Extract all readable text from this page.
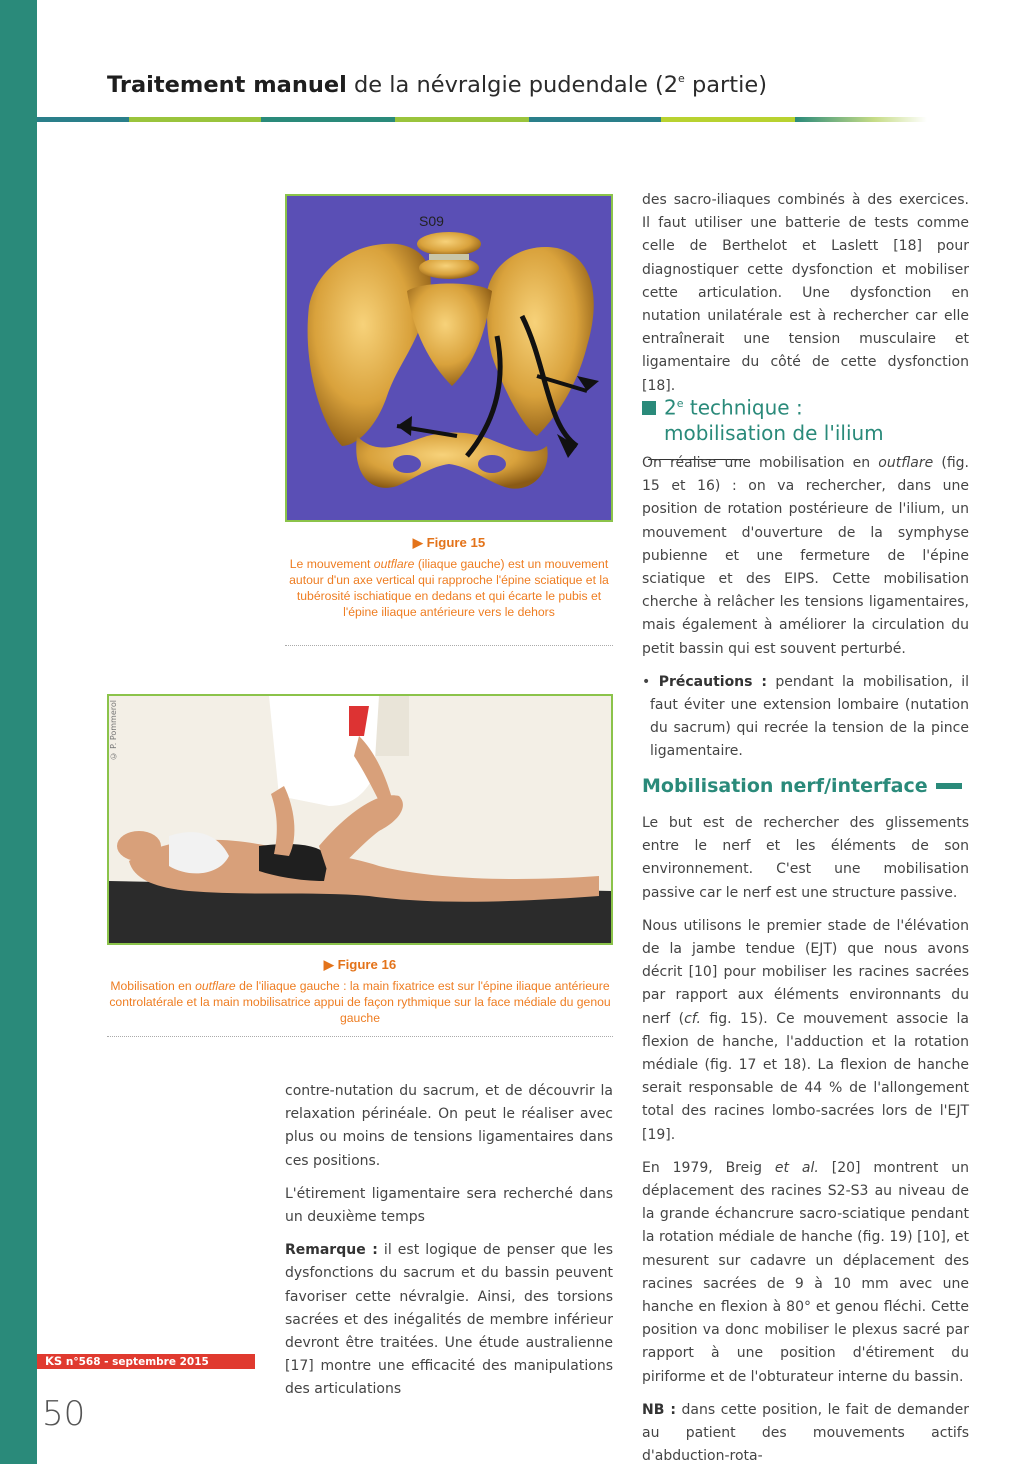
Traitement manuel de la névralgie pudendale (2e partie)
S09
▶ Figure 15
Le mouvement outflare (iliaque gauche) est un mouvement autour d'un axe vertical qui rapproche l'épine sciatique et la tubérosité ischiatique en dedans et qui écarte le pubis et l'épine iliaque antérieure vers le dehors
© P. Pommerol
▶ Figure 16
Mobilisation en outflare de l'iliaque gauche : la main fixatrice est sur l'épine iliaque antérieure controlatérale et la main mobilisatrice appui de façon rythmique sur la face médiale du genou gauche

contre-nutation du sacrum, et de découvrir la relaxation périnéale. On peut le réaliser avec plus ou moins de tensions ligamentaires dans ces positions.

L'étirement ligamentaire sera recherché dans un deuxième temps

Remarque : il est logique de penser que les dysfonctions du sacrum et du bassin peuvent favoriser cette névralgie. Ainsi, des torsions sacrées et des inégalités de membre inférieur devront être traitées. Une étude australienne [17] montre une efficacité des manipulations des articulations

des sacro-iliaques combinés à des exercices. Il faut utiliser une batterie de tests comme celle de Berthelot et Laslett [18] pour diagnostiquer cette dysfonction et mobiliser cette articulation. Une dysfonction en nutation unilatérale est à rechercher car elle entraînerait une tension musculaire et ligamentaire du côté de cette dysfonction [18].

2e technique :
mobilisation de l'ilium

On réalise une mobilisation en outflare (fig. 15 et 16) : on va rechercher, dans une position de rotation postérieure de l'ilium, un mouvement d'ouverture de la symphyse pubienne et une fermeture de l'épine sciatique et des EIPS. Cette mobilisation cherche à relâcher les tensions ligamentaires, mais également à améliorer la circulation du petit bassin qui est souvent perturbé.

• Précautions : pendant la mobilisation, il faut éviter une extension lombaire (nutation du sacrum) qui recrée la tension de la pince ligamentaire.

Mobilisation nerf/interface

Le but est de rechercher des glissements entre le nerf et les éléments de son environnement. C'est une mobilisation passive car le nerf est une structure passive.

Nous utilisons le premier stade de l'élévation de la jambe tendue (EJT) que nous avons décrit [10] pour mobiliser les racines sacrées par rapport aux éléments environnants du nerf (cf. fig. 15). Ce mouvement associe la flexion de hanche, l'adduction et la rotation médiale (fig. 17 et 18). La flexion de hanche serait responsable de 44 % de l'allongement total des racines lombo-sacrées lors de l'EJT [19].

En 1979, Breig et al. [20] montrent un déplacement des racines S2-S3 au niveau de la grande échancrure sacro-sciatique pendant la rotation médiale de hanche (fig. 19) [10], et mesurent sur cadavre un déplacement des racines sacrées de 9 à 10 mm avec une hanche en flexion à 80° et genou fléchi. Cette position va donc mobiliser le plexus sacré par rapport à une position d'étirement du piriforme et de l'obturateur interne du bassin.

NB : dans cette position, le fait de demander au patient des mouvements actifs d'abduction-rota-

KS n°568 - septembre 2015
50
